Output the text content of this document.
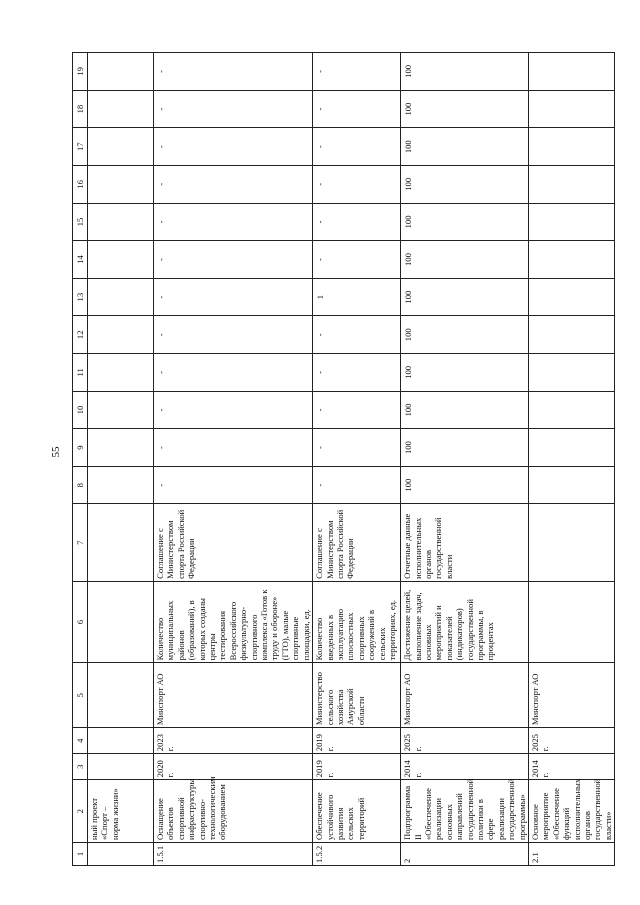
55
1	2	3	4	5	6	7	8	9	10	11	12	13	14	15	16	17	18	19
	ный проект «Спорт – норма жизни»																	
1.5.1	Оснащение объектов спортивной инфраструктуры спортивно-технологическим оборудованием	2020 г.	2023 г.	Минспорт АО	Количество муниципальных районов (образований), в которых созданы центры тестирования Всероссийского физкультурно-спортивного комплекса «Готов к труду и обороне» (ГТО), малые спортивные площадки, ед.	Соглашение с Министерством спорта Российской Федерации	-	-	-	-	-	-	-	-	-	-	-	-
1.5.2	Обеспечение устойчивого развития сельских территорий	2019 г.	2019 г.	Министерство сельского хозяйства Амурской области	Количество введенных в эксплуатацию плоскостных спортивных сооружений в сельских территориях, ед.	Соглашение с Министерством спорта Российской Федерации	-	-	-	-	-	1	-	-	-	-	-	-
2	Подпрограмма II «Обеспечение реализации основных направлений государственной политики в сфере реализации государственной программы»	2014 г.	2025 г.	Минспорт АО	Достижение целей, выполнение задач, основных мероприятий и показателей (индикаторов) государственной программы, в процентах	Отчетные данные исполнительных органов государственной власти	100	100	100	100	100	100	100	100	100	100	100	100
2.1	Основное мероприятие «Обеспечение функций исполнительных органов государственной власти»	2014 г.	2025 г.	Минспорт АО														
